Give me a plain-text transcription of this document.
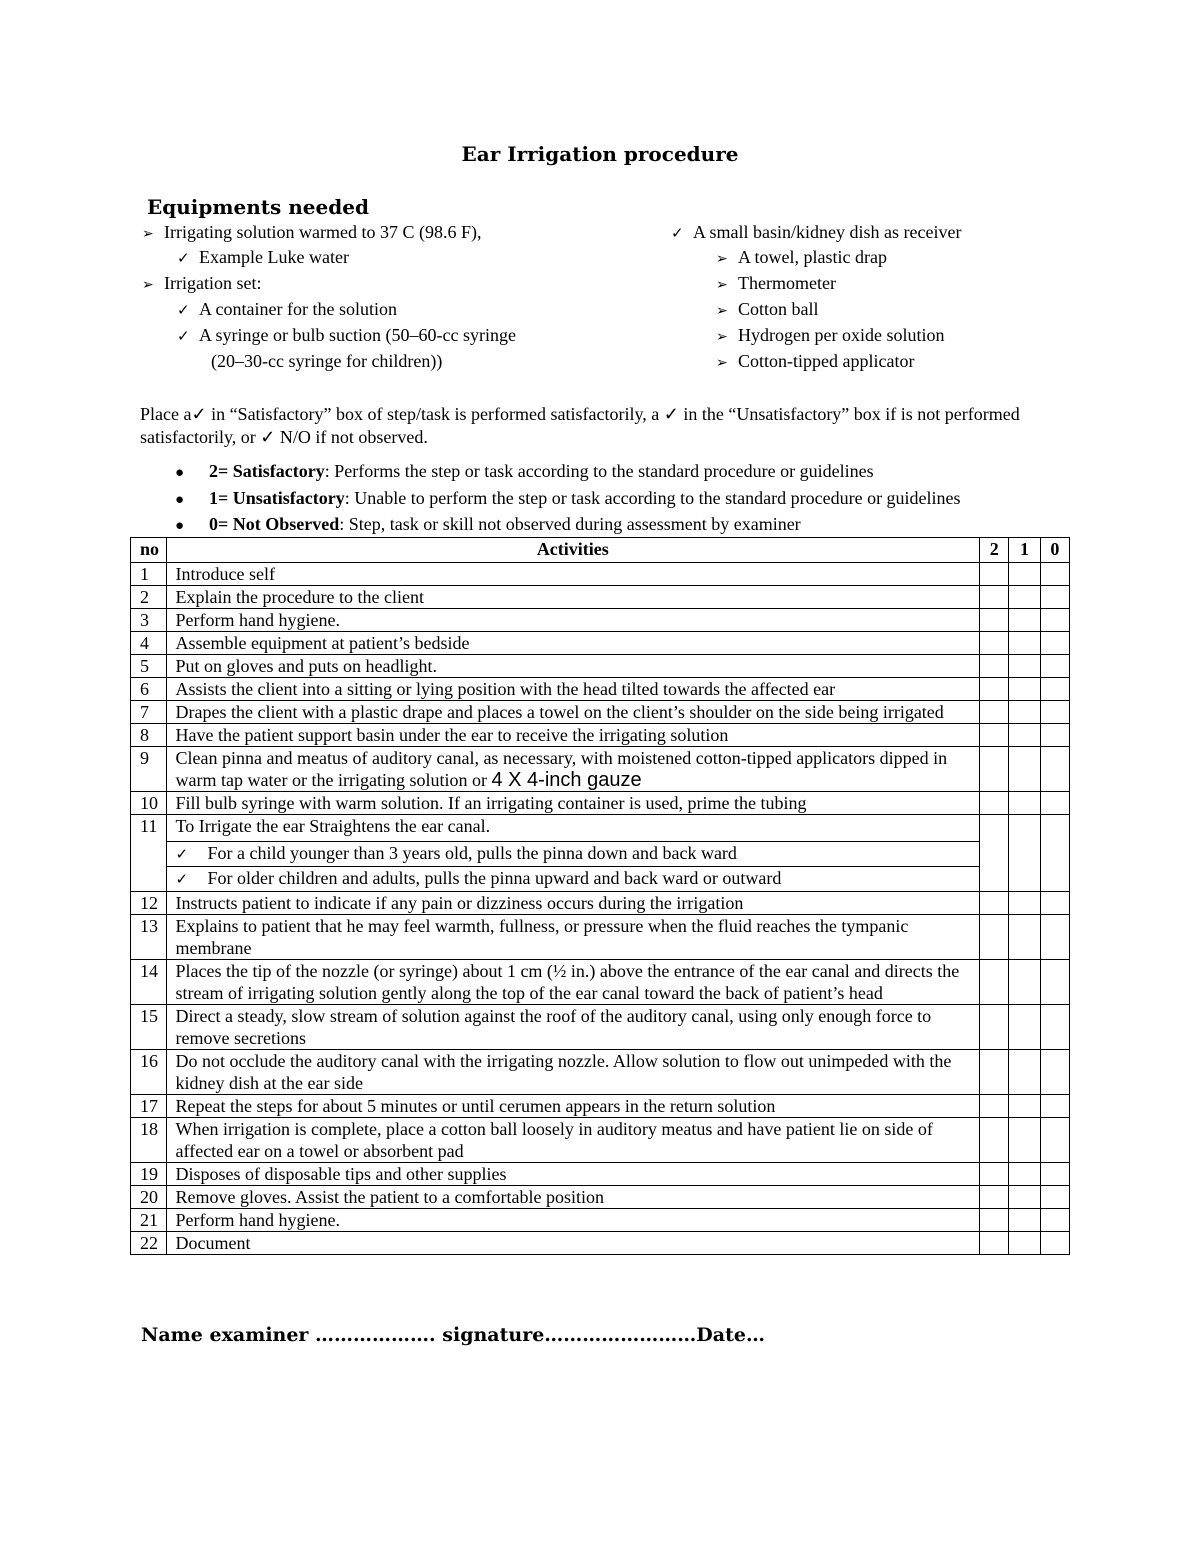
Ear Irrigation procedure
Equipments needed
➢ Irrigating solution warmed to 37 C (98.6 F),
✓ Example Luke water
➢ Irrigation set:
✓ A container for the solution
✓ A syringe or bulb suction (50–60-cc syringe
(20–30-cc syringe for children))
✓ A small basin/kidney dish as receiver
➢ A towel, plastic drap
➢ Thermometer
➢ Cotton ball
➢ Hydrogen per oxide solution
➢ Cotton-tipped applicator
Place a✓ in “Satisfactory” box of step/task is performed satisfactorily, a ✓ in the “Unsatisfactory” box if is not performed satisfactorily, or ✓ N/O if not observed.
● 2= Satisfactory: Performs the step or task according to the standard procedure or guidelines
● 1= Unsatisfactory: Unable to perform the step or task according to the standard procedure or guidelines
● 0= Not Observed: Step, task or skill not observed during assessment by examiner
no	Activities	2	1	0
1	Introduce self			
2	Explain the procedure to the client			
3	Perform hand hygiene.			
4	Assemble equipment at patient’s bedside			
5	Put on gloves and puts on headlight.			
6	Assists the client into a sitting or lying position with the head tilted towards the affected ear			
7	Drapes the client with a plastic drape and places a towel on the client’s shoulder on the side being irrigated			
8	Have the patient support basin under the ear to receive the irrigating solution			
9	Clean pinna and meatus of auditory canal, as necessary, with moistened cotton-tipped applicators dipped in warm tap water or the irrigating solution or 4 X 4-inch gauze			
10	Fill bulb syringe with warm solution. If an irrigating container is used, prime the tubing			
11	To Irrigate the ear Straightens the ear canal.			
	✓ For a child younger than 3 years old, pulls the pinna down and back ward			
	✓ For older children and adults, pulls the pinna upward and back ward or outward			
12	Instructs patient to indicate if any pain or dizziness occurs during the irrigation			
13	Explains to patient that he may feel warmth, fullness, or pressure when the fluid reaches the tympanic membrane			
14	Places the tip of the nozzle (or syringe) about 1 cm (½ in.) above the entrance of the ear canal and directs the stream of irrigating solution gently along the top of the ear canal toward the back of patient’s head			
15	Direct a steady, slow stream of solution against the roof of the auditory canal, using only enough force to remove secretions			
16	Do not occlude the auditory canal with the irrigating nozzle. Allow solution to flow out unimpeded with the kidney dish at the ear side			
17	Repeat the steps for about 5 minutes or until cerumen appears in the return solution			
18	When irrigation is complete, place a cotton ball loosely in auditory meatus and have patient lie on side of affected ear on a towel or absorbent pad			
19	Disposes of disposable tips and other supplies			
20	Remove gloves. Assist the patient to a comfortable position			
21	Perform hand hygiene.			
22	Document			
Name examiner ………………. signature……………………Date…
